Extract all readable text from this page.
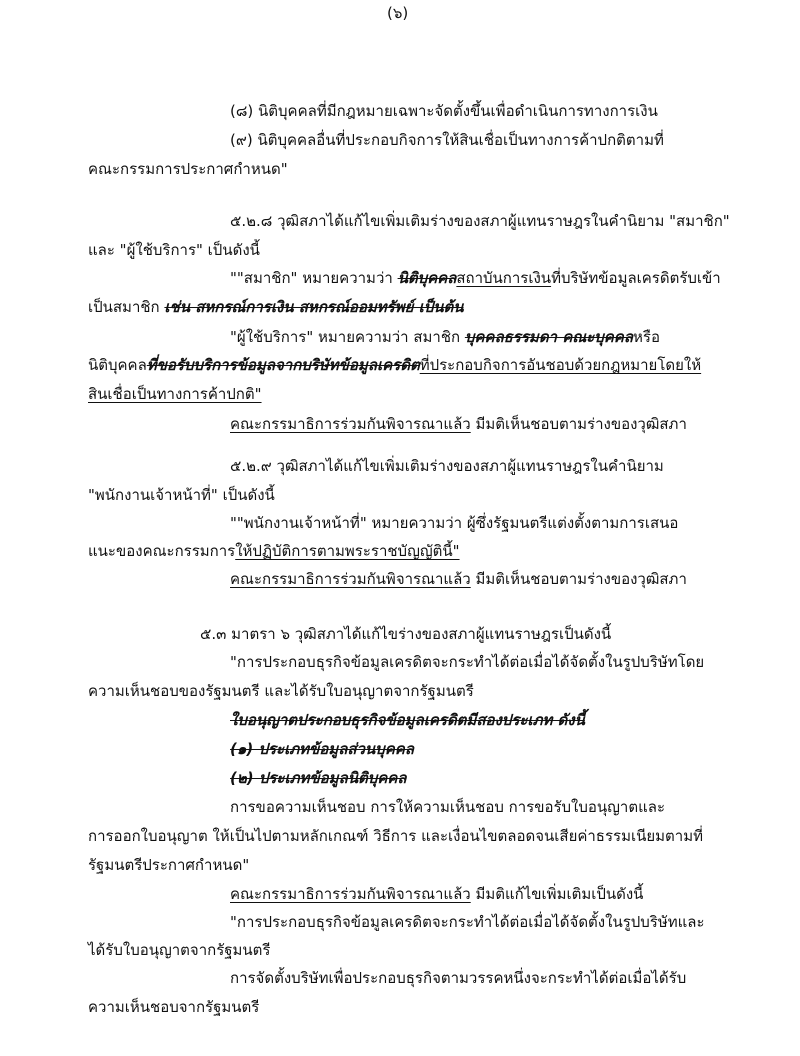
(๖)
(๘) นิติบุคคลที่มีกฎหมายเฉพาะจัดตั้งขึ้นเพื่อดำเนินการทางการเงิน
(๙) นิติบุคคลอื่นที่ประกอบกิจการให้สินเชื่อเป็นทางการค้าปกติตามที่
คณะกรรมการประกาศกำหนด"
๕.๒.๘ วุฒิสภาได้แก้ไขเพิ่มเติมร่างของสภาผู้แทนราษฎรในคำนิยาม "สมาชิก"
และ "ผู้ใช้บริการ" เป็นดังนี้
""สมาชิก" หมายความว่า นิติบุคคลสถาบันการเงินที่บริษัทข้อมูลเครดิตรับเข้า
เป็นสมาชิก เช่น สหกรณ์การเงิน สหกรณ์ออมทรัพย์ เป็นต้น
"ผู้ใช้บริการ" หมายความว่า สมาชิก บุคคลธรรมดา คณะบุคคลหรือ
นิติบุคคลที่ขอรับบริการข้อมูลจากบริษัทข้อมูลเครดิตที่ประกอบกิจการอันชอบด้วยกฎหมายโดยให้
สินเชื่อเป็นทางการค้าปกติ"
คณะกรรมาธิการร่วมกันพิจารณาแล้ว มีมติเห็นชอบตามร่างของวุฒิสภา
๕.๒.๙ วุฒิสภาได้แก้ไขเพิ่มเติมร่างของสภาผู้แทนราษฎรในคำนิยาม
"พนักงานเจ้าหน้าที่" เป็นดังนี้
""พนักงานเจ้าหน้าที่" หมายความว่า ผู้ซึ่งรัฐมนตรีแต่งตั้งตามการเสนอ
แนะของคณะกรรมการให้ปฏิบัติการตามพระราชบัญญัตินี้"
คณะกรรมาธิการร่วมกันพิจารณาแล้ว มีมติเห็นชอบตามร่างของวุฒิสภา
๕.๓ มาตรา ๖ วุฒิสภาได้แก้ไขร่างของสภาผู้แทนราษฎรเป็นดังนี้
"การประกอบธุรกิจข้อมูลเครดิตจะกระทำได้ต่อเมื่อได้จัดตั้งในรูปบริษัทโดย
ความเห็นชอบของรัฐมนตรี และได้รับใบอนุญาตจากรัฐมนตรี
ใบอนุญาตประกอบธุรกิจข้อมูลเครดิตมีสองประเภท ดังนี้
(๑) ประเภทข้อมูลส่วนบุคคล
(๒) ประเภทข้อมูลนิติบุคคล
การขอความเห็นชอบ การให้ความเห็นชอบ การขอรับใบอนุญาตและ
การออกใบอนุญาต ให้เป็นไปตามหลักเกณฑ์ วิธีการ และเงื่อนไขตลอดจนเสียค่าธรรมเนียมตามที่
รัฐมนตรีประกาศกำหนด"
คณะกรรมาธิการร่วมกันพิจารณาแล้ว มีมติแก้ไขเพิ่มเติมเป็นดังนี้
"การประกอบธุรกิจข้อมูลเครดิตจะกระทำได้ต่อเมื่อได้จัดตั้งในรูปบริษัทและ
ได้รับใบอนุญาตจากรัฐมนตรี
การจัดตั้งบริษัทเพื่อประกอบธุรกิจตามวรรคหนึ่งจะกระทำได้ต่อเมื่อได้รับ
ความเห็นชอบจากรัฐมนตรี
